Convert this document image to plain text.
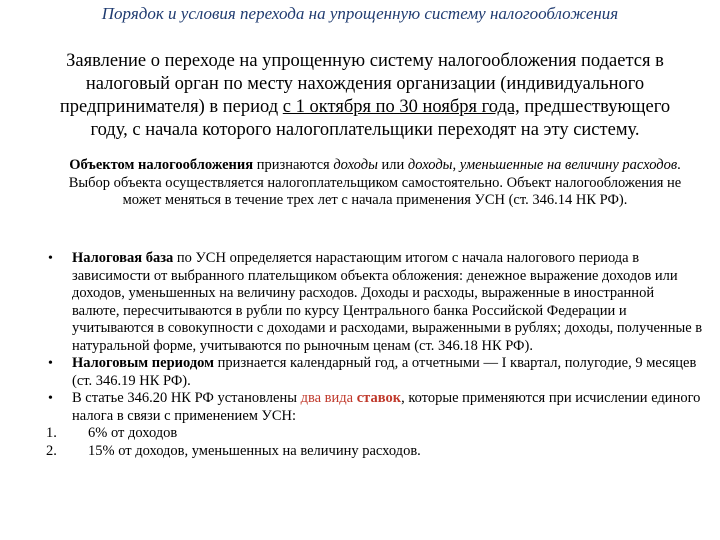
Порядок и условия перехода на упрощенную систему налогообложения
Заявление о переходе на упрощенную систему налогообложения подается в налоговый орган по месту нахождения организации (индивидуального предпринимателя) в период с 1 октября по 30 ноября года, предшествующего году, с начала которого налогоплательщики переходят на эту систему.
Объектом налогообложения признаются доходы или доходы, уменьшенные на величину расходов. Выбор объекта осуществляется налогоплательщиком самостоятельно. Объект налогообложения не может меняться в течение трех лет с начала применения УСН (ст. 346.14 НК РФ).

•	Налоговая база по УСН определяется нарастающим итогом с начала налогового периода в зависимости от выбранного плательщиком объекта обложения: денежное выражение доходов или доходов, уменьшенных на величину расходов. Доходы и расходы, выраженные в иностранной валюте, пересчитываются в рубли по курсу Центрального банка Российской Федерации и учитываются в совокупности с доходами и расходами, выраженными в рублях; доходы, полученные в натуральной форме, учитываются по рыночным ценам (ст. 346.18 НК РФ).

•	Налоговым периодом признается календарный год, а отчетными — I квартал, полугодие, 9 месяцев (ст. 346.19 НК РФ).

•	В статье 346.20 НК РФ установлены два вида ставок, которые применяются при исчислении единого налога в связи с применением УСН:

1.	6% от доходов

2.	15% от доходов, уменьшенных на величину расходов.
